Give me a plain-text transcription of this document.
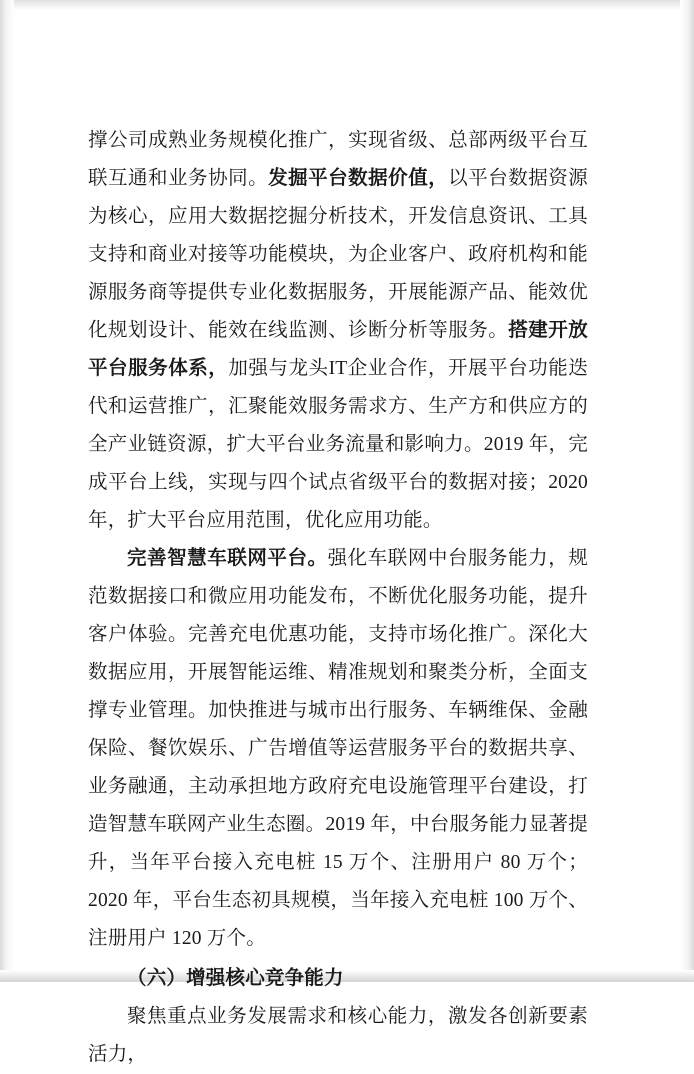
撑公司成熟业务规模化推广，实现省级、总部两级平台互联互通和业务协同。发掘平台数据价值，以平台数据资源为核心，应用大数据挖掘分析技术，开发信息资讯、工具支持和商业对接等功能模块，为企业客户、政府机构和能源服务商等提供专业化数据服务，开展能源产品、能效优化规划设计、能效在线监测、诊断分析等服务。搭建开放平台服务体系，加强与龙头IT企业合作，开展平台功能迭代和运营推广，汇聚能效服务需求方、生产方和供应方的全产业链资源，扩大平台业务流量和影响力。2019 年，完成平台上线，实现与四个试点省级平台的数据对接；2020 年，扩大平台应用范围，优化应用功能。

完善智慧车联网平台。强化车联网中台服务能力，规范数据接口和微应用功能发布，不断优化服务功能，提升客户体验。完善充电优惠功能，支持市场化推广。深化大数据应用，开展智能运维、精准规划和聚类分析，全面支撑专业管理。加快推进与城市出行服务、车辆维保、金融保险、餐饮娱乐、广告增值等运营服务平台的数据共享、业务融通，主动承担地方政府充电设施管理平台建设，打造智慧车联网产业生态圈。2019 年，中台服务能力显著提升，当年平台接入充电桩 15 万个、注册用户 80 万个；2020 年，平台生态初具规模，当年接入充电桩 100 万个、注册用户 120 万个。

（六）增强核心竞争能力

聚焦重点业务发展需求和核心能力，激发各创新要素活力，
